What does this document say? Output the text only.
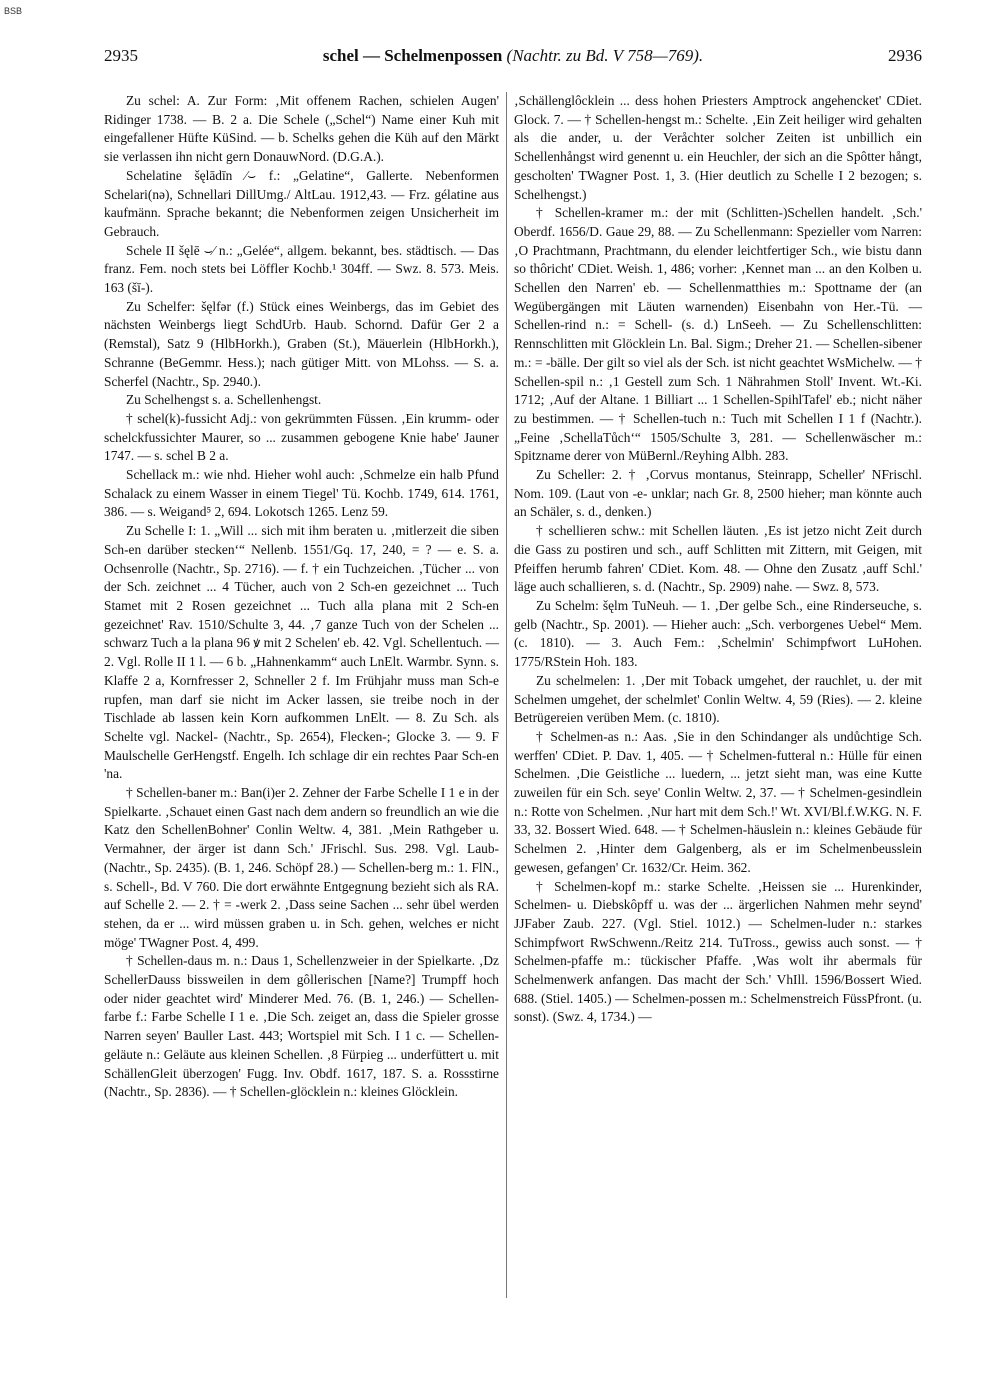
BSB
2935	schel — Schelmenpossen (Nachtr. zu Bd. V 758—769).	2936

Zu schel: A. Zur Form: ‚Mit offenem Rachen, schielen Augen' Ridinger 1738. — B. 2 a. Die Schele („Schel“) Name einer Kuh mit eingefallener Hüfte KüSind. — b. Schelks gehen die Küh auf den Märkt sie verlassen ihn nicht gern DonauwNord. (D.G.A.).

Schelatine šęlādīn ⁄⌣ f.: „Gelatine“, Gallerte. Nebenformen Schelari(nə), Schnellari DillUmg./ AltLau. 1912,43. — Frz. gélatine aus kaufmänn. Sprache bekannt; die Nebenformen zeigen Unsicherheit im Gebrauch.

Schele II šęlē ⌣⁄ n.: „Gelée“, allgem. bekannt, bes. städtisch. — Das franz. Fem. noch stets bei Löffler Kochb.¹ 304ff. — Swz. 8. 573. Meis. 163 (šī-).

Zu Schelfer: šęlfər (f.) Stück eines Weinbergs, das im Gebiet des nächsten Weinbergs liegt SchdUrb. Haub. Schornd. Dafür Ger 2 a (Remstal), Satz 9 (HlbHorkh.), Graben (St.), Mäuerlein (HlbHorkh.), Schranne (BeGemmr. Hess.); nach gütiger Mitt. von MLohss. — S. a. Scherfel (Nachtr., Sp. 2940.).

Zu Schelhengst s. a. Schellenhengst.

† schel(k)-fussicht Adj.: von gekrümmten Füssen. ‚Ein krumm- oder schelckfussichter Maurer, so ... zusammen gebogene Knie habe' Jauner 1747. — s. schel B 2 a.

Schellack m.: wie nhd. Hieher wohl auch: ‚Schmelze ein halb Pfund Schalack zu einem Wasser in einem Tiegel' Tü. Kochb. 1749, 614. 1761, 386. — s. Weigand⁵ 2, 694. Lokotsch 1265. Lenz 59.

Zu Schelle I: 1. „Will ... sich mit ihm beraten u. ‚mitlerzeit die siben Sch-en darüber stecken‘“ Nellenb. 1551/Gq. 17, 240, = ? — e. S. a. Ochsenrolle (Nachtr., Sp. 2716). — f. † ein Tuchzeichen. ‚Tücher ... von der Sch. zeichnet ... 4 Tücher, auch von 2 Sch-en gezeichnet ... Tuch Stamet mit 2 Rosen gezeichnet ... Tuch alla plana mit 2 Sch-en gezeichnet' Rav. 1510/Schulte 3, 44. ‚7 ganze Tuch von der Schelen ... schwarz Tuch a la plana 96 ꝟ mit 2 Schelen' eb. 42. Vgl. Schellentuch. — 2. Vgl. Rolle II 1 l. — 6 b. „Hahnenkamm“ auch LnElt. Warmbr. Synn. s. Klaffe 2 a, Kornfresser 2, Schneller 2 f. Im Frühjahr muss man Sch-e rupfen, man darf sie nicht im Acker lassen, sie treibe noch in der Tischlade ab lassen kein Korn aufkommen LnElt. — 8. Zu Sch. als Schelte vgl. Nackel- (Nachtr., Sp. 2654), Flecken-; Glocke 3. — 9. F Maulschelle GerHengstf. Engelh. Ich schlage dir ein rechtes Paar Sch-en 'na.

† Schellen-baner m.: Ban(i)er 2. Zehner der Farbe Schelle I 1 e in der Spielkarte. ‚Schauet einen Gast nach dem andern so freundlich an wie die Katz den SchellenBohner' Conlin Weltw. 4, 381. ‚Mein Rathgeber u. Vermahner, der ärger ist dann Sch.' JFrischl. Sus. 298. Vgl. Laub- (Nachtr., Sp. 2435). (B. 1, 246. Schöpf 28.) — Schellen-berg m.: 1. FlN., s. Schell-, Bd. V 760. Die dort erwähnte Entgegnung bezieht sich als RA. auf Schelle 2. — 2. † = -werk 2. ‚Dass seine Sachen ... sehr übel werden stehen, da er ... wird müssen graben u. in Sch. gehen, welches er nicht möge' TWagner Post. 4, 499.

† Schellen-daus m. n.: Daus 1, Schellenzweier in der Spielkarte. ‚Dz SchellerDauss bissweilen in dem gôllerischen [Name?] Trumpff hoch oder nider geachtet wird' Minderer Med. 76. (B. 1, 246.) — Schellen-farbe f.: Farbe Schelle I 1 e. ‚Die Sch. zeiget an, dass die Spieler grosse Narren seyen' Bauller Last. 443; Wortspiel mit Sch. I 1 c. — Schellen-geläute n.: Geläute aus kleinen Schellen. ‚8 Fürpieg ... underfüttert u. mit SchällenGleit überzogen' Fugg. Inv. Obdf. 1617, 187. S. a. Rossstirne (Nachtr., Sp. 2836). — † Schellen-glöcklein n.: kleines Glöcklein.

‚Schällenglôcklein ... dess hohen Priesters Amptrock angehencket' CDiet. Glock. 7. — † Schellen-hengst m.: Schelte. ‚Ein Zeit heiliger wird gehalten als die ander, u. der Veråchter solcher Zeiten ist unbillich ein Schellenhångst wird genennt u. ein Heuchler, der sich an die Spôtter hångt, gescholten' TWagner Post. 1, 3. (Hier deutlich zu Schelle I 2 bezogen; s. Schelhengst.)

† Schellen-kramer m.: der mit (Schlitten-)Schellen handelt. ‚Sch.' Oberdf. 1656/D. Gaue 29, 88. — Zu Schellenmann: Spezieller vom Narren: ‚O Prachtmann, Prachtmann, du elender leichtfertiger Sch., wie bistu dann so thôricht' CDiet. Weish. 1, 486; vorher: ‚Kennet man ... an den Kolben u. Schellen den Narren' eb. — Schellenmatthies m.: Spottname der (an Wegübergängen mit Läuten warnenden) Eisenbahn von Her.-Tü. — Schellen-rind n.: = Schell- (s. d.) LnSeeh. — Zu Schellenschlitten: Rennschlitten mit Glöcklein Ln. Bal. Sigm.; Dreher 21. — Schellen-sibener m.: = -bälle. Der gilt so viel als der Sch. ist nicht geachtet WsMichelw. — † Schellen-spil n.: ‚1 Gestell zum Sch. 1 Nährahmen Stoll' Invent. Wt.-Ki. 1712; ‚Auf der Altane. 1 Billiart ... 1 Schellen-SpihlTafel' eb.; nicht näher zu bestimmen. — † Schellen-tuch n.: Tuch mit Schellen I 1 f (Nachtr.). „Feine ‚SchellaTůch‘“ 1505/Schulte 3, 281. — Schellenwäscher m.: Spitzname derer von MüBernl./Reyhing Albh. 283.

Zu Scheller: 2. † ‚Corvus montanus, Steinrapp, Scheller' NFrischl. Nom. 109. (Laut von -e- unklar; nach Gr. 8, 2500 hieher; man könnte auch an Schäler, s. d., denken.)

† schellieren schw.: mit Schellen läuten. ‚Es ist jetzo nicht Zeit durch die Gass zu postiren und sch., auff Schlitten mit Zittern, mit Geigen, mit Pfeiffen herumb fahren' CDiet. Kom. 48. — Ohne den Zusatz ‚auff Schl.' läge auch schallieren, s. d. (Nachtr., Sp. 2909) nahe. — Swz. 8, 573.

Zu Schelm: šęlm TuNeuh. — 1. ‚Der gelbe Sch., eine Rinderseuche, s. gelb (Nachtr., Sp. 2001). — Hieher auch: „Sch. verborgenes Uebel“ Mem. (c. 1810). — 3. Auch Fem.: ‚Schelmin' Schimpfwort LuHohen. 1775/RStein Hoh. 183.

Zu schelmelen: 1. ‚Der mit Toback umgehet, der rauchlet, u. der mit Schelmen umgehet, der schelmlet' Conlin Weltw. 4, 59 (Ries). — 2. kleine Betrügereien verüben Mem. (c. 1810).

† Schelmen-as n.: Aas. ‚Sie in den Schindanger als undůchtige Sch. werffen' CDiet. P. Dav. 1, 405. — † Schelmen-futteral n.: Hülle für einen Schelmen. ‚Die Geistliche ... luedern, ... jetzt sieht man, was eine Kutte zuweilen für ein Sch. seye' Conlin Weltw. 2, 37. — † Schelmen-gesindlein n.: Rotte von Schelmen. ‚Nur hart mit dem Sch.!' Wt. XVI/Bl.f.W.KG. N. F. 33, 32. Bossert Wied. 648. — † Schelmen-häuslein n.: kleines Gebäude für Schelmen 2. ‚Hinter dem Galgenberg, als er im Schelmenbeusslein gewesen, gefangen' Cr. 1632/Cr. Heim. 362.

† Schelmen-kopf m.: starke Schelte. ‚Heissen sie ... Hurenkinder, Schelmen- u. Diebskôpff u. was der ... ärgerlichen Nahmen mehr seynd' JJFaber Zaub. 227. (Vgl. Stiel. 1012.) — Schelmen-luder n.: starkes Schimpfwort RwSchwenn./Reitz 214. TuTross., gewiss auch sonst. — † Schelmen-pfaffe m.: tückischer Pfaffe. ‚Was wolt ihr abermals für Schelmenwerk anfangen. Das macht der Sch.' VhIll. 1596/Bossert Wied. 688. (Stiel. 1405.) — Schelmen-possen m.: Schelmenstreich FüssPfront. (u. sonst). (Swz. 4, 1734.) —
